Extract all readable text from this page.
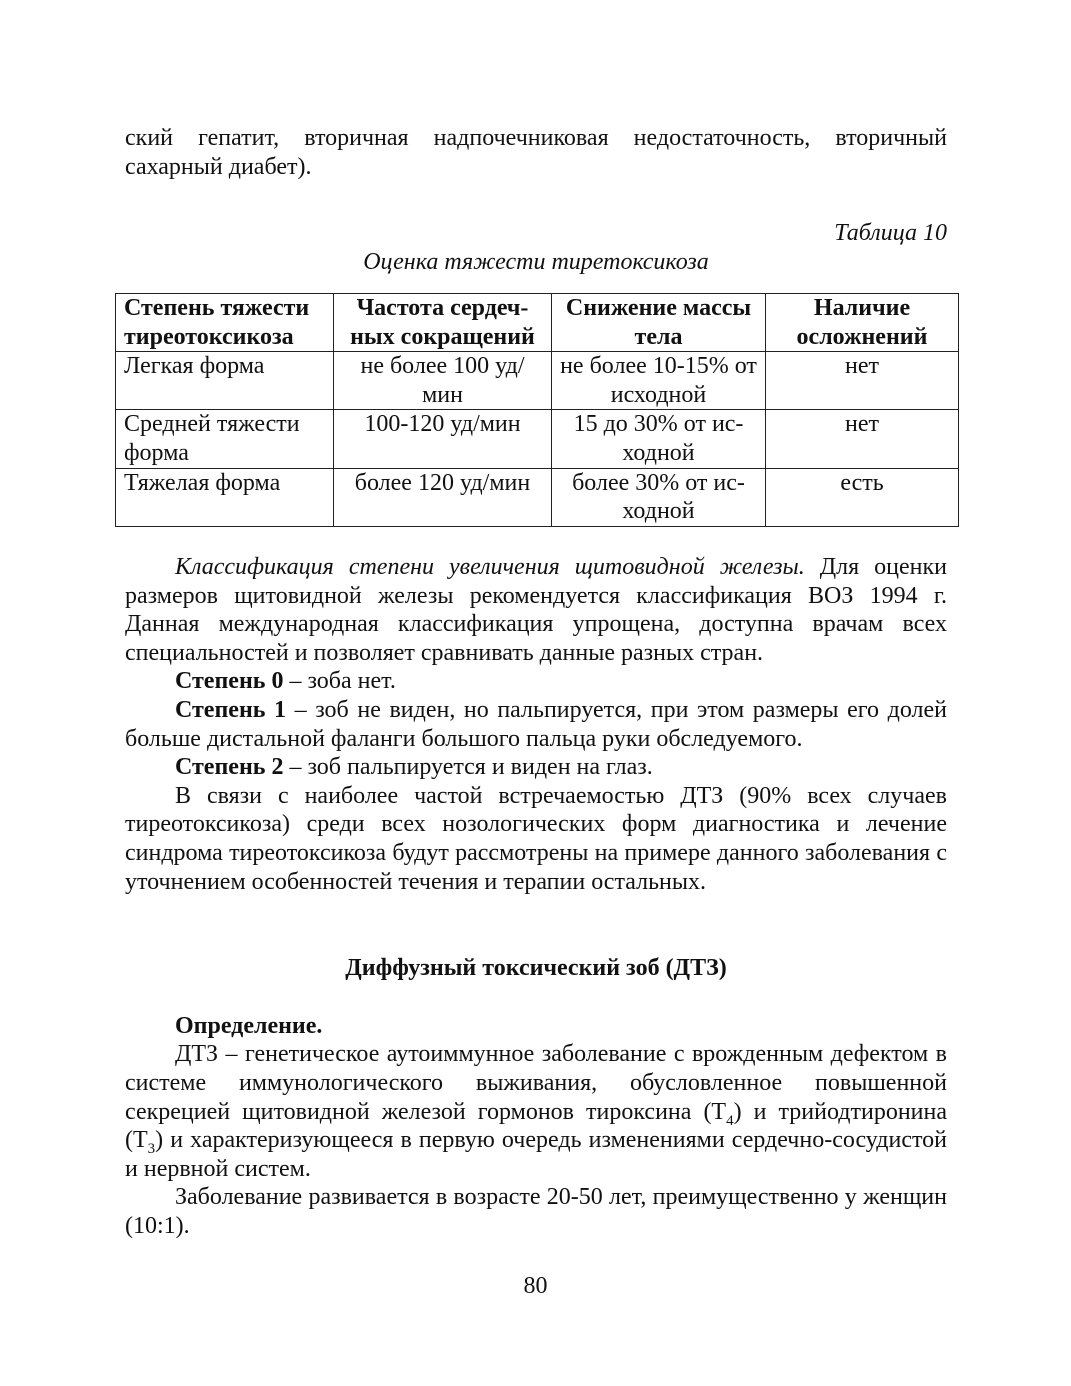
ский гепатит, вторичная надпочечниковая недостаточность, вторичный сахарный диабет).

Таблица 10

Оценка тяжести тиретоксикоза

Степень тяжести тиреотоксикоза	Частота сердеч-ных сокращений	Снижение массы тела	Наличие осложнений
Легкая форма	не более 100 уд/мин	не более 10-15% от исходной	нет
Средней тяжести форма	100-120 уд/мин	15 до 30% от ис-ходной	нет
Тяжелая форма	более 120 уд/мин	более 30% от ис-ходной	есть

Классификация степени увеличения щитовидной железы. Для оценки размеров щитовидной железы рекомендуется классификация ВОЗ 1994 г. Данная международная классификация упрощена, доступна врачам всех специальностей и позволяет сравнивать данные разных стран.

Степень 0 – зоба нет.

Степень 1 – зоб не виден, но пальпируется, при этом размеры его долей больше дистальной фаланги большого пальца руки обследуемого.

Степень 2 – зоб пальпируется и виден на глаз.

В связи с наиболее частой встречаемостью ДТЗ (90% всех случаев тиреотоксикоза) среди всех нозологических форм диагностика и лечение синдрома тиреотоксикоза будут рассмотрены на примере данного заболевания с уточнением особенностей течения и терапии остальных.

Диффузный токсический зоб (ДТЗ)

Определение.

ДТЗ – генетическое аутоиммунное заболевание с врожденным дефектом в системе иммунологического выживания, обусловленное повышенной секрецией щитовидной железой гормонов тироксина $(Т_4)$ и трийодтиронина $(Т_3)$ и характеризующееся в первую очередь изменениями сердечно-сосудистой и нервной систем.

Заболевание развивается в возрасте 20-50 лет, преимущественно у женщин (10:1).

80
